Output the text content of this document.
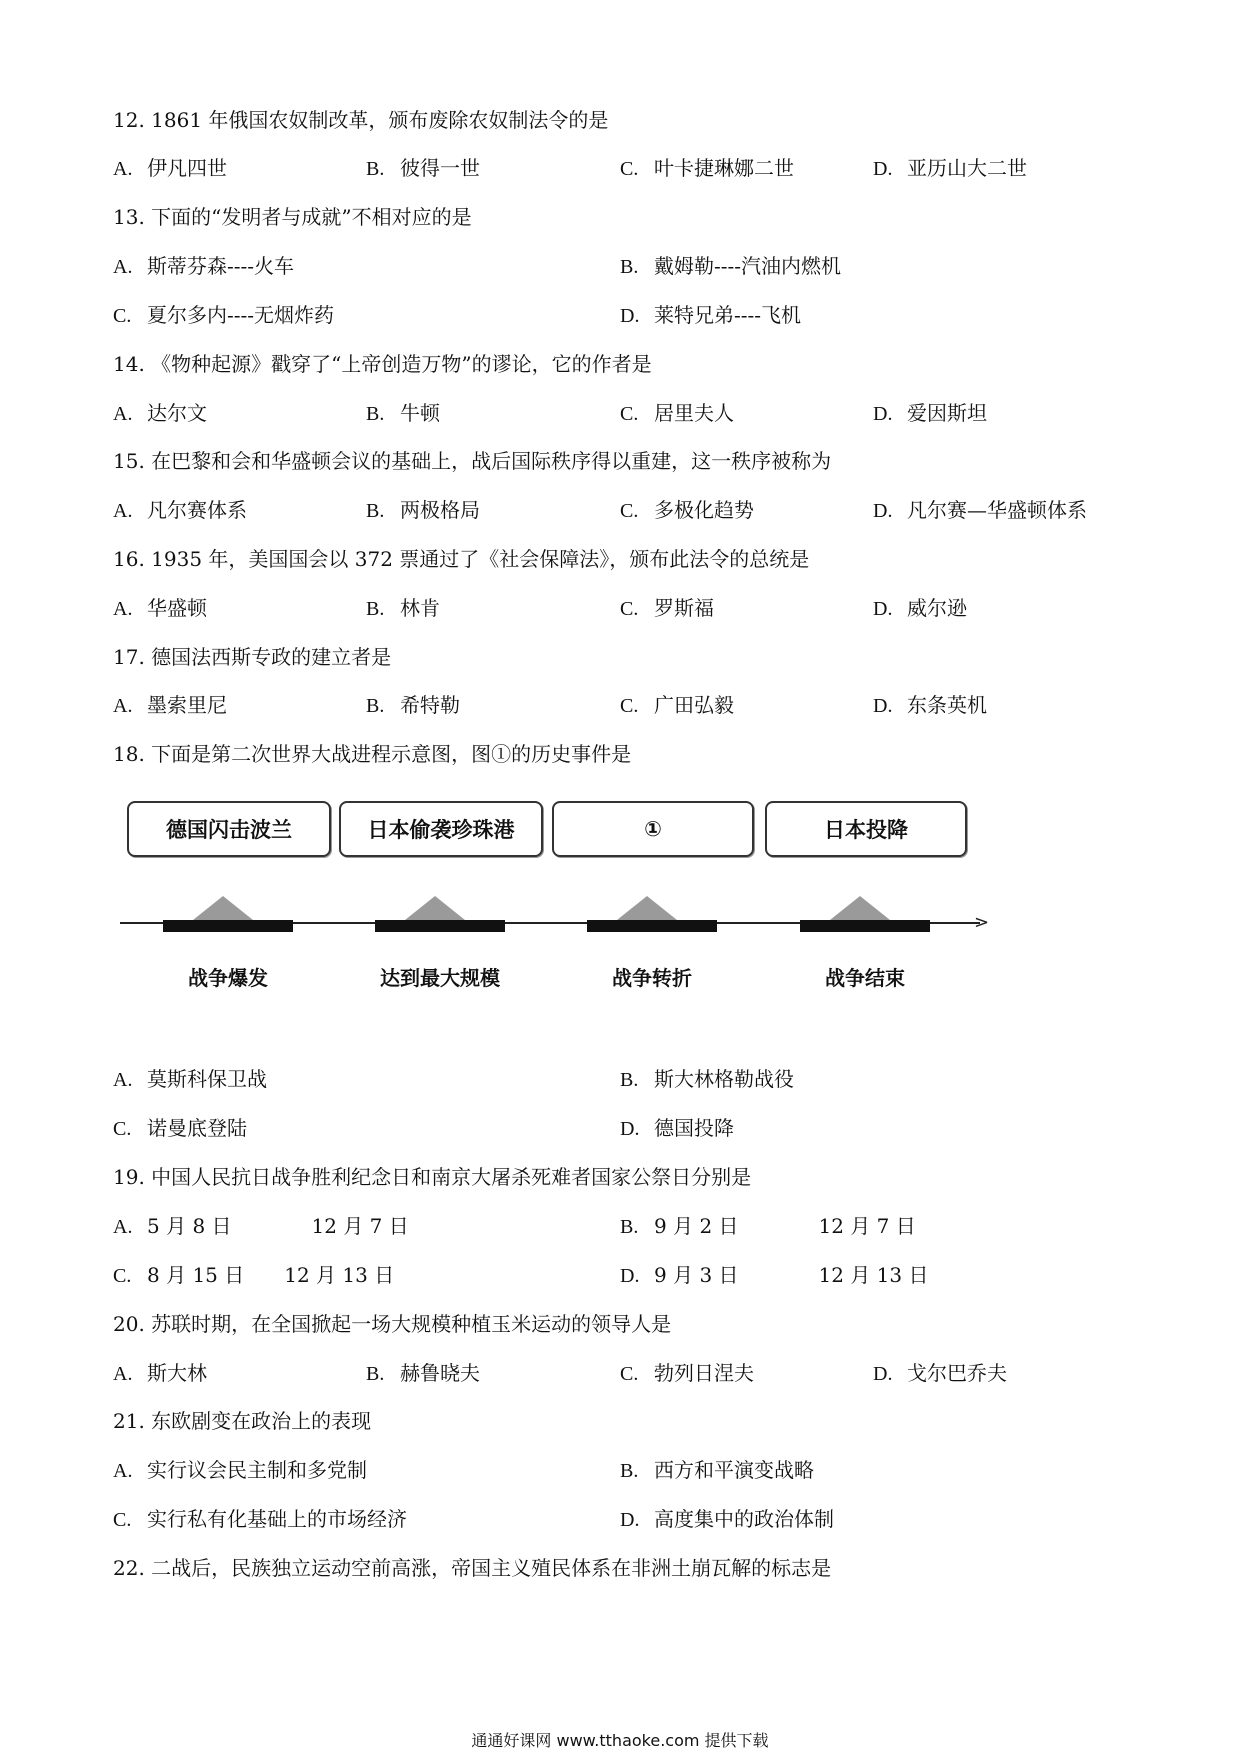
12. 1861 年俄国农奴制改革，颁布废除农奴制法令的是
A. 伊凡四世	B. 彼得一世	C. 叶卡捷琳娜二世	D. 亚历山大二世
13. 下面的“发明者与成就”不相对应的是
A. 斯蒂芬森----火车	B. 戴姆勒----汽油内燃机
C. 夏尔多内----无烟炸药	D. 莱特兄弟----飞机
14. 《物种起源》戳穿了“上帝创造万物”的谬论，它的作者是
A. 达尔文	B. 牛顿	C. 居里夫人	D. 爱因斯坦
15. 在巴黎和会和华盛顿会议的基础上，战后国际秩序得以重建，这一秩序被称为
A. 凡尔赛体系	B. 两极格局	C. 多极化趋势	D. 凡尔赛—华盛顿体系
16. 1935 年，美国国会以 372 票通过了《社会保障法》，颁布此法令的总统是
A. 华盛顿	B. 林肯	C. 罗斯福	D. 威尔逊
17. 德国法西斯专政的建立者是
A. 墨索里尼	B. 希特勒	C. 广田弘毅	D. 东条英机
18. 下面是第二次世界大战进程示意图，图①的历史事件是
德国闪击波兰	日本偷袭珍珠港	①	日本投降
>
战争爆发	达到最大规模	战争转折	战争结束
A. 莫斯科保卫战	B. 斯大林格勒战役
C. 诺曼底登陆	D. 德国投降
19. 中国人民抗日战争胜利纪念日和南京大屠杀死难者国家公祭日分别是
A. 5 月 8 日　　　　12 月 7 日	B. 9 月 2 日　　　　12 月 7 日
C. 8 月 15 日　　12 月 13 日	D. 9 月 3 日　　　　12 月 13 日
20. 苏联时期，在全国掀起一场大规模种植玉米运动的领导人是
A. 斯大林	B. 赫鲁晓夫	C. 勃列日涅夫	D. 戈尔巴乔夫
21. 东欧剧变在政治上的表现
A. 实行议会民主制和多党制	B. 西方和平演变战略
C. 实行私有化基础上的市场经济	D. 高度集中的政治体制
22. 二战后，民族独立运动空前高涨，帝国主义殖民体系在非洲土崩瓦解的标志是
通通好课网 www.tthaoke.com 提供下载
